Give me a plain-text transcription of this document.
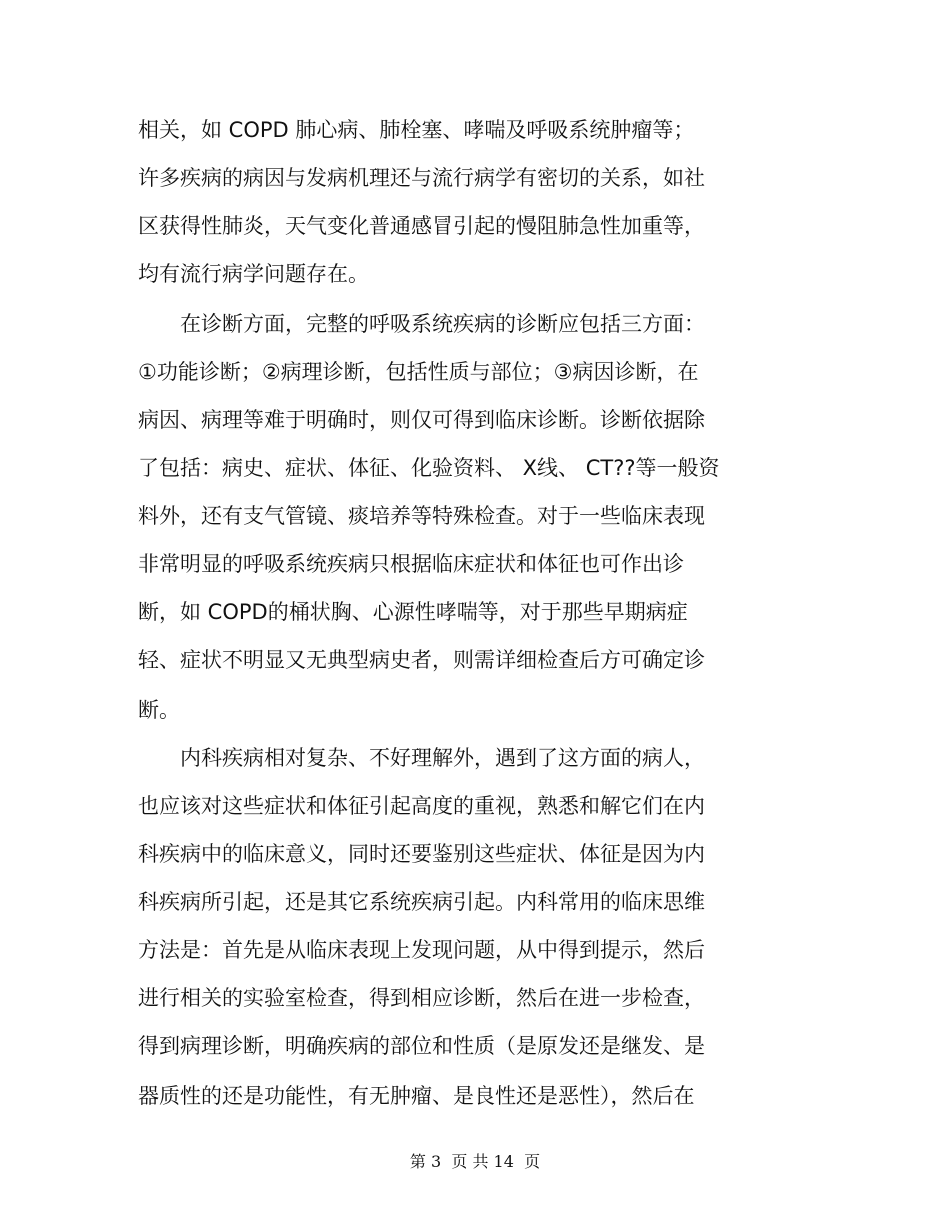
相关，如 COPD 肺心病、肺栓塞、哮喘及呼吸系统肿瘤等；
许多疾病的病因与发病机理还与流行病学有密切的关系，如社
区获得性肺炎，天气变化普通感冒引起的慢阻肺急性加重等，
均有流行病学问题存在。
　　在诊断方面，完整的呼吸系统疾病的诊断应包括三方面：
①功能诊断；②病理诊断，包括性质与部位；③病因诊断，在
病因、病理等难于明确时，则仅可得到临床诊断。诊断依据除
了包括：病史、症状、体征、化验资料、 X线、 CT??等一般资
料外，还有支气管镜、痰培养等特殊检查。对于一些临床表现
非常明显的呼吸系统疾病只根据临床症状和体征也可作出诊
断，如 COPD的桶状胸、心源性哮喘等，对于那些早期病症
轻、症状不明显又无典型病史者，则需详细检查后方可确定诊
断。
　　内科疾病相对复杂、不好理解外，遇到了这方面的病人，
也应该对这些症状和体征引起高度的重视，熟悉和解它们在内
科疾病中的临床意义，同时还要鉴别这些症状、体征是因为内
科疾病所引起，还是其它系统疾病引起。内科常用的临床思维
方法是：首先是从临床表现上发现问题，从中得到提示，然后
进行相关的实验室检查，得到相应诊断，然后在进一步检查，
得到病理诊断，明确疾病的部位和性质（是原发还是继发、是
器质性的还是功能性，有无肿瘤、是良性还是恶性），然后在
第 3  页 共 14  页
